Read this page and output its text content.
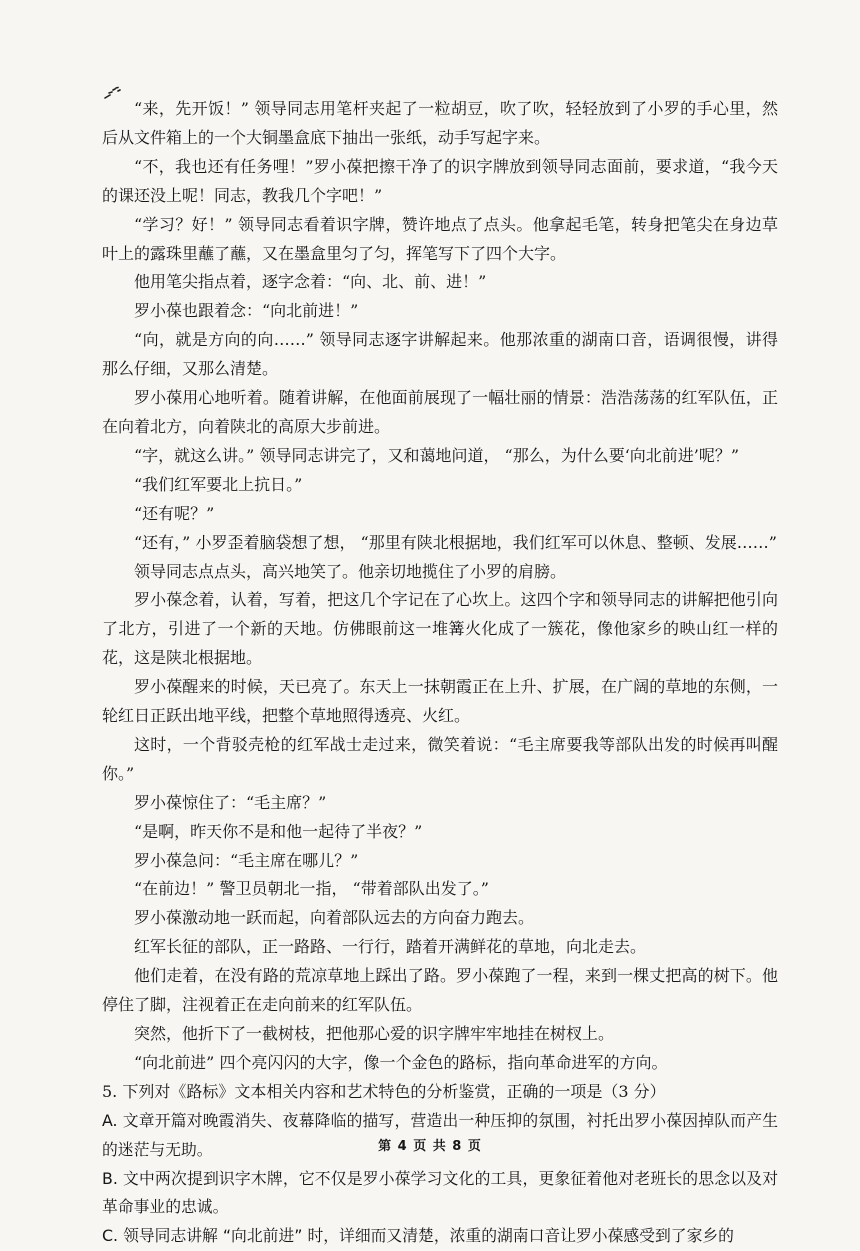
“来，先开饭！” 领导同志用笔杆夹起了一粒胡豆，吹了吹，轻轻放到了小罗的手心里，然后从文件箱上的一个大铜墨盒底下抽出一张纸，动手写起字来。

“不，我也还有任务哩！”罗小葆把擦干净了的识字牌放到领导同志面前，要求道，“我今天的课还没上呢！同志，教我几个字吧！”

“学习？好！” 领导同志看着识字牌，赞许地点了点头。他拿起毛笔，转身把笔尖在身边草叶上的露珠里蘸了蘸，又在墨盒里匀了匀，挥笔写下了四个大字。

他用笔尖指点着，逐字念着：“向、北、前、进！”

罗小葆也跟着念：“向北前进！”

“向，就是方向的向……” 领导同志逐字讲解起来。他那浓重的湖南口音，语调很慢，讲得那么仔细，又那么清楚。

罗小葆用心地听着。随着讲解，在他面前展现了一幅壮丽的情景：浩浩荡荡的红军队伍，正在向着北方，向着陕北的高原大步前进。

“字，就这么讲。” 领导同志讲完了，又和蔼地问道， “那么，为什么要‘向北前进’呢？”

“我们红军要北上抗日。”

“还有呢？”

“还有，” 小罗歪着脑袋想了想， “那里有陕北根据地，我们红军可以休息、整顿、发展……”

领导同志点点头，高兴地笑了。他亲切地揽住了小罗的肩膀。

罗小葆念着，认着，写着，把这几个字记在了心坎上。这四个字和领导同志的讲解把他引向了北方，引进了一个新的天地。仿佛眼前这一堆篝火化成了一簇花，像他家乡的映山红一样的花，这是陕北根据地。

罗小葆醒来的时候，天已亮了。东天上一抹朝霞正在上升、扩展，在广阔的草地的东侧，一轮红日正跃出地平线，把整个草地照得透亮、火红。

这时，一个背驳壳枪的红军战士走过来，微笑着说：“毛主席要我等部队出发的时候再叫醒你。”

罗小葆惊住了：“毛主席？”

“是啊，昨天你不是和他一起待了半夜？”

罗小葆急问：“毛主席在哪儿？”

“在前边！” 警卫员朝北一指， “带着部队出发了。”

罗小葆激动地一跃而起，向着部队远去的方向奋力跑去。

红军长征的部队，正一路路、一行行，踏着开满鲜花的草地，向北走去。

他们走着，在没有路的荒凉草地上踩出了路。罗小葆跑了一程，来到一棵丈把高的树下。他停住了脚，注视着正在走向前来的红军队伍。

突然，他折下了一截树枝，把他那心爱的识字牌牢牢地挂在树杈上。

“向北前进” 四个亮闪闪的大字，像一个金色的路标，指向革命进军的方向。

5. 下列对《路标》文本相关内容和艺术特色的分析鉴赏，正确的一项是（3 分）

A. 文章开篇对晚霞消失、夜幕降临的描写，营造出一种压抑的氛围，衬托出罗小葆因掉队而产生的迷茫与无助。

B. 文中两次提到识字木牌，它不仅是罗小葆学习文化的工具，更象征着他对老班长的思念以及对革命事业的忠诚。

C. 领导同志讲解 “向北前进” 时，详细而又清楚，浓重的湖南口音让罗小葆感受到了家乡的

第 4 页 共 8 页
